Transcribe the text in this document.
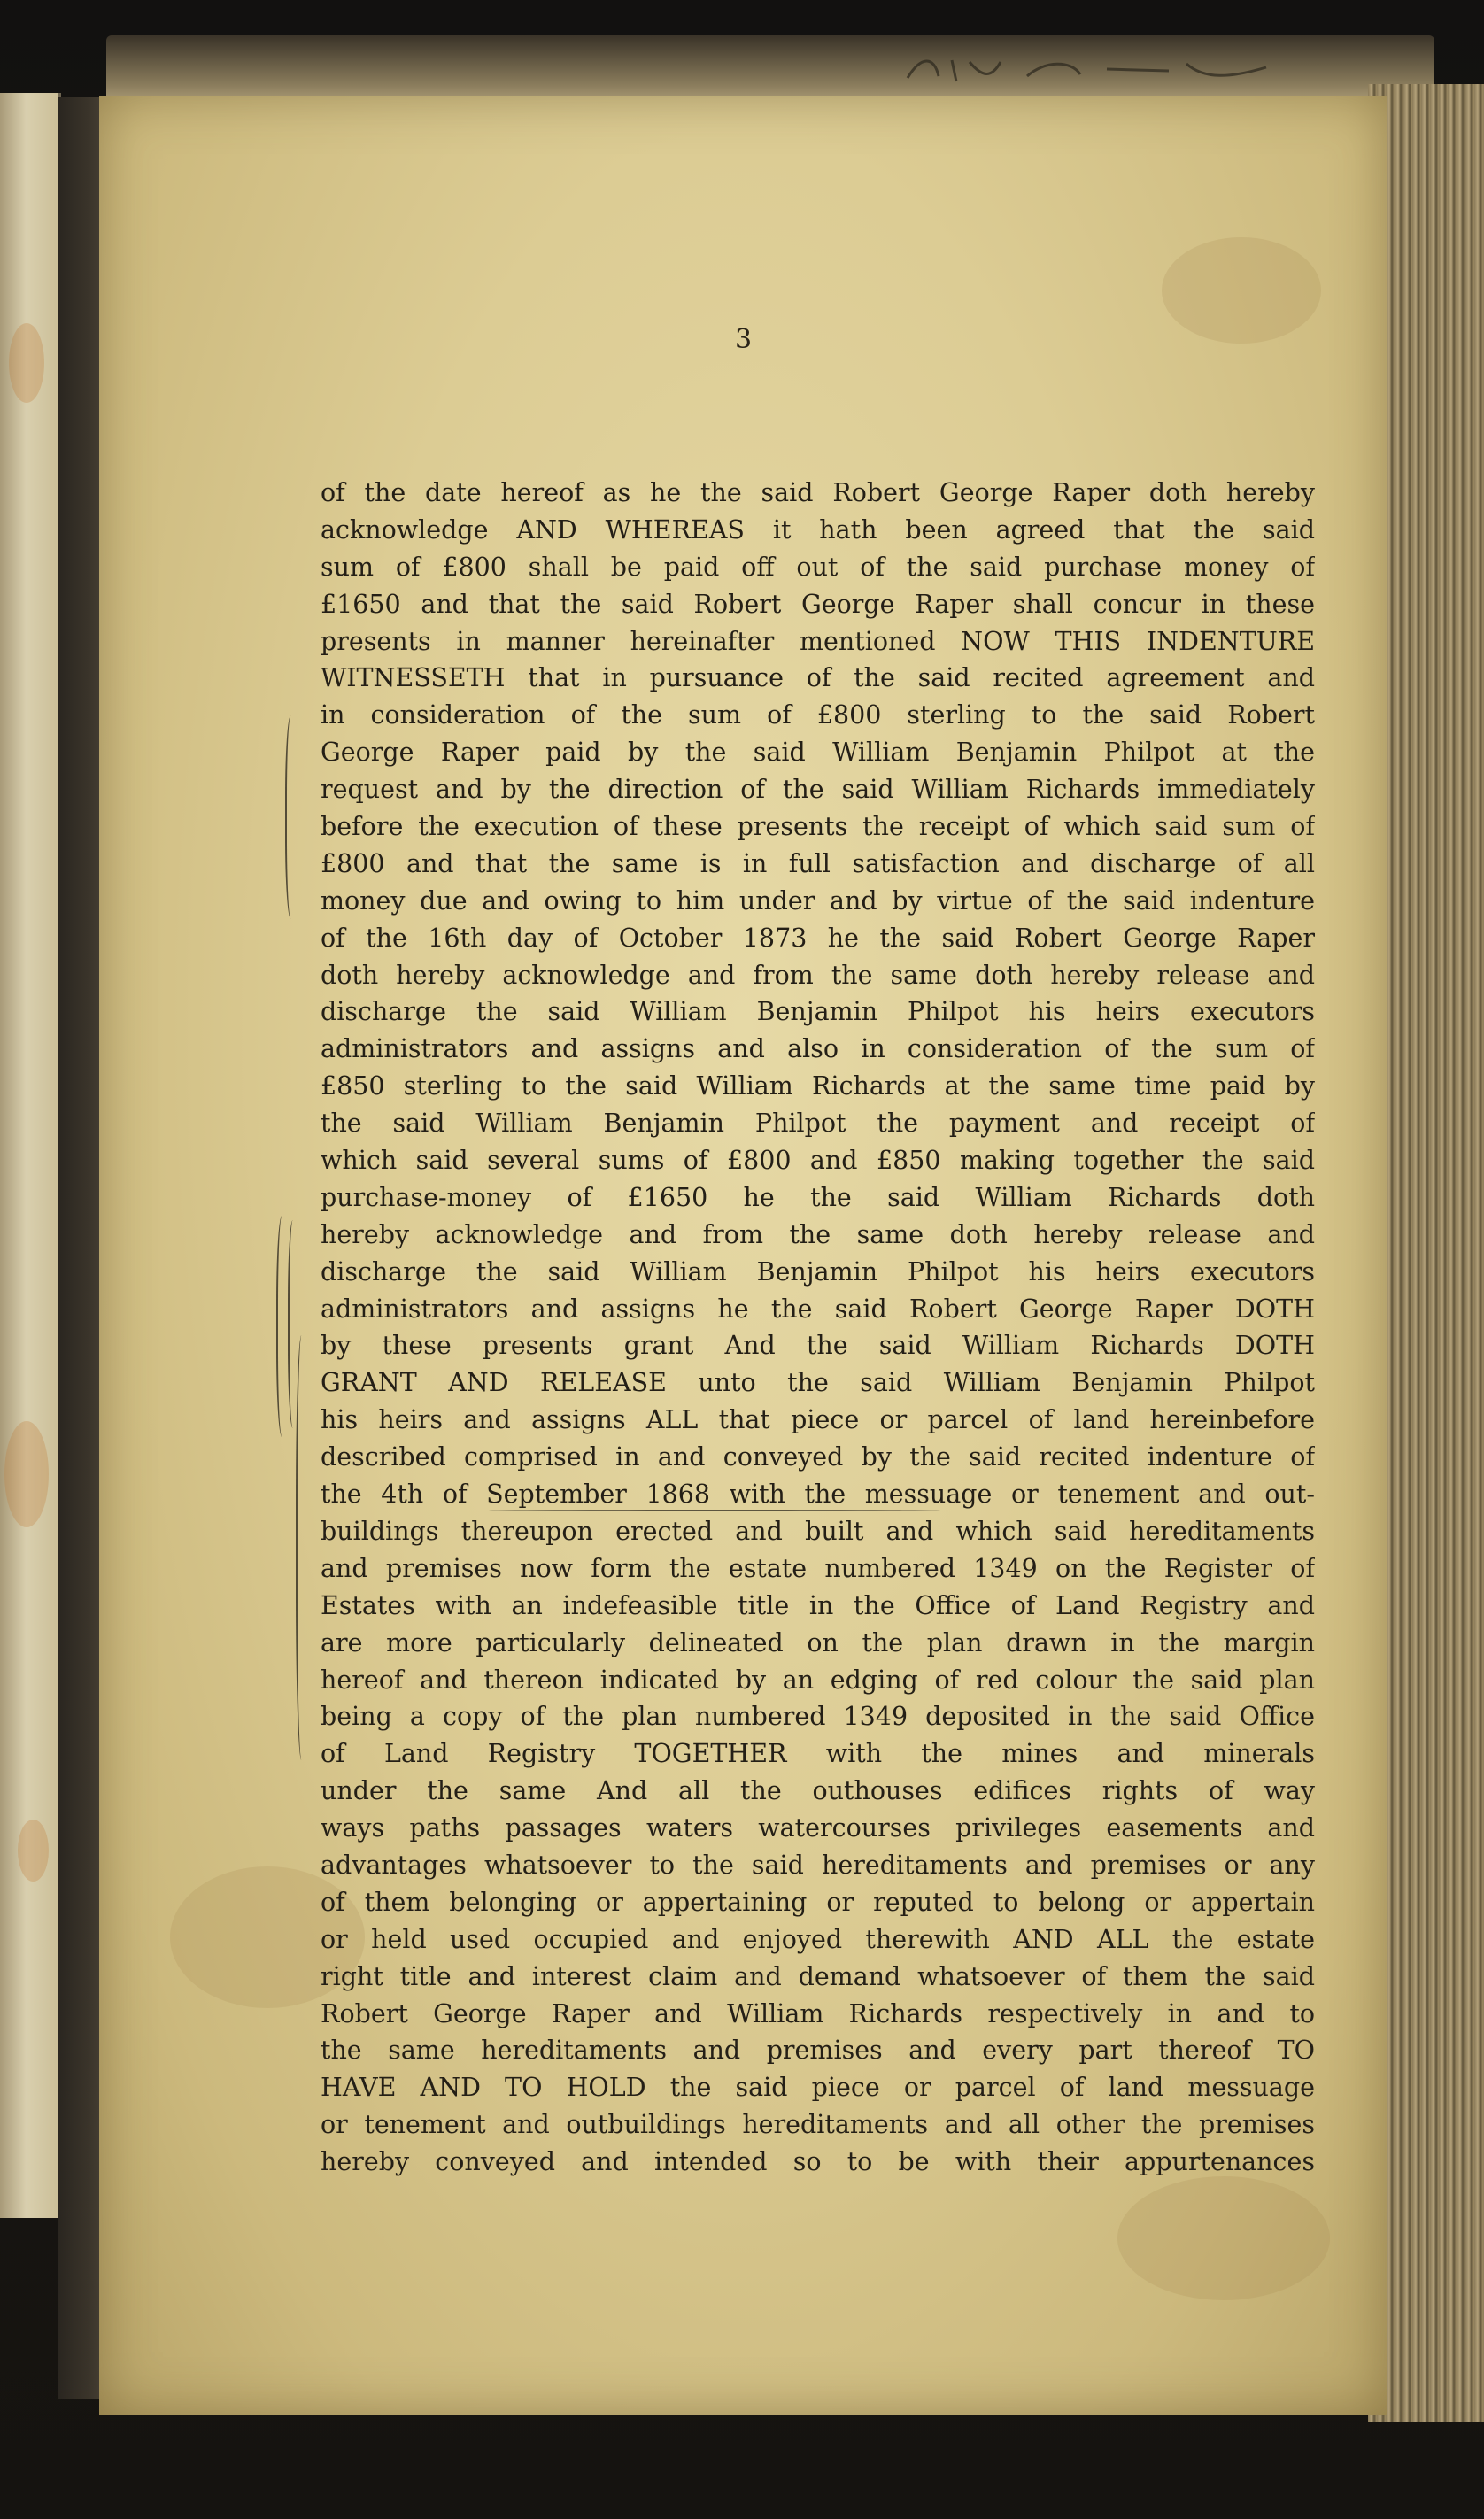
3
of the date hereof as he the said Robert George Raper doth hereby
acknowledge AND WHEREAS it hath been agreed that the said
sum of £800 shall be paid off out of the said purchase money of
£1650 and that the said Robert George Raper shall concur in these
presents in manner hereinafter mentioned NOW THIS INDENTURE
WITNESSETH that in pursuance of the said recited agreement and
in consideration of the sum of £800 sterling to the said Robert
George Raper paid by the said William Benjamin Philpot at the
request and by the direction of the said William Richards immediately
before the execution of these presents the receipt of which said sum of
£800 and that the same is in full satisfaction and discharge of all
money due and owing to him under and by virtue of the said indenture
of the 16th day of October 1873 he the said Robert George Raper
doth hereby acknowledge and from the same doth hereby release and
discharge the said William Benjamin Philpot his heirs executors
administrators and assigns and also in consideration of the sum of
£850 sterling to the said William Richards at the same time paid by
the said William Benjamin Philpot the payment and receipt of
which said several sums of £800 and £850 making together the said
purchase-money of £1650 he the said William Richards doth
hereby acknowledge and from the same doth hereby release and
discharge the said William Benjamin Philpot his heirs executors
administrators and assigns he the said Robert George Raper DOTH
by these presents grant And the said William Richards DOTH
GRANT AND RELEASE unto the said William Benjamin Philpot
his heirs and assigns ALL that piece or parcel of land hereinbefore
described comprised in and conveyed by the said recited indenture of
the 4th of September 1868 with the messuage or tenement and out-
buildings thereupon erected and built and which said hereditaments
and premises now form the estate numbered 1349 on the Register of
Estates with an indefeasible title in the Office of Land Registry and
are more particularly delineated on the plan drawn in the margin
hereof and thereon indicated by an edging of red colour the said plan
being a copy of the plan numbered 1349 deposited in the said Office
of Land Registry TOGETHER with the mines and minerals
under the same And all the outhouses edifices rights of way
ways paths passages waters watercourses privileges easements and
advantages whatsoever to the said hereditaments and premises or any
of them belonging or appertaining or reputed to belong or appertain
or held used occupied and enjoyed therewith AND ALL the estate
right title and interest claim and demand whatsoever of them the said
Robert George Raper and William Richards respectively in and to
the same hereditaments and premises and every part thereof TO
HAVE AND TO HOLD the said piece or parcel of land messuage
or tenement and outbuildings hereditaments and all other the premises
hereby conveyed and intended so to be with their appurtenances
